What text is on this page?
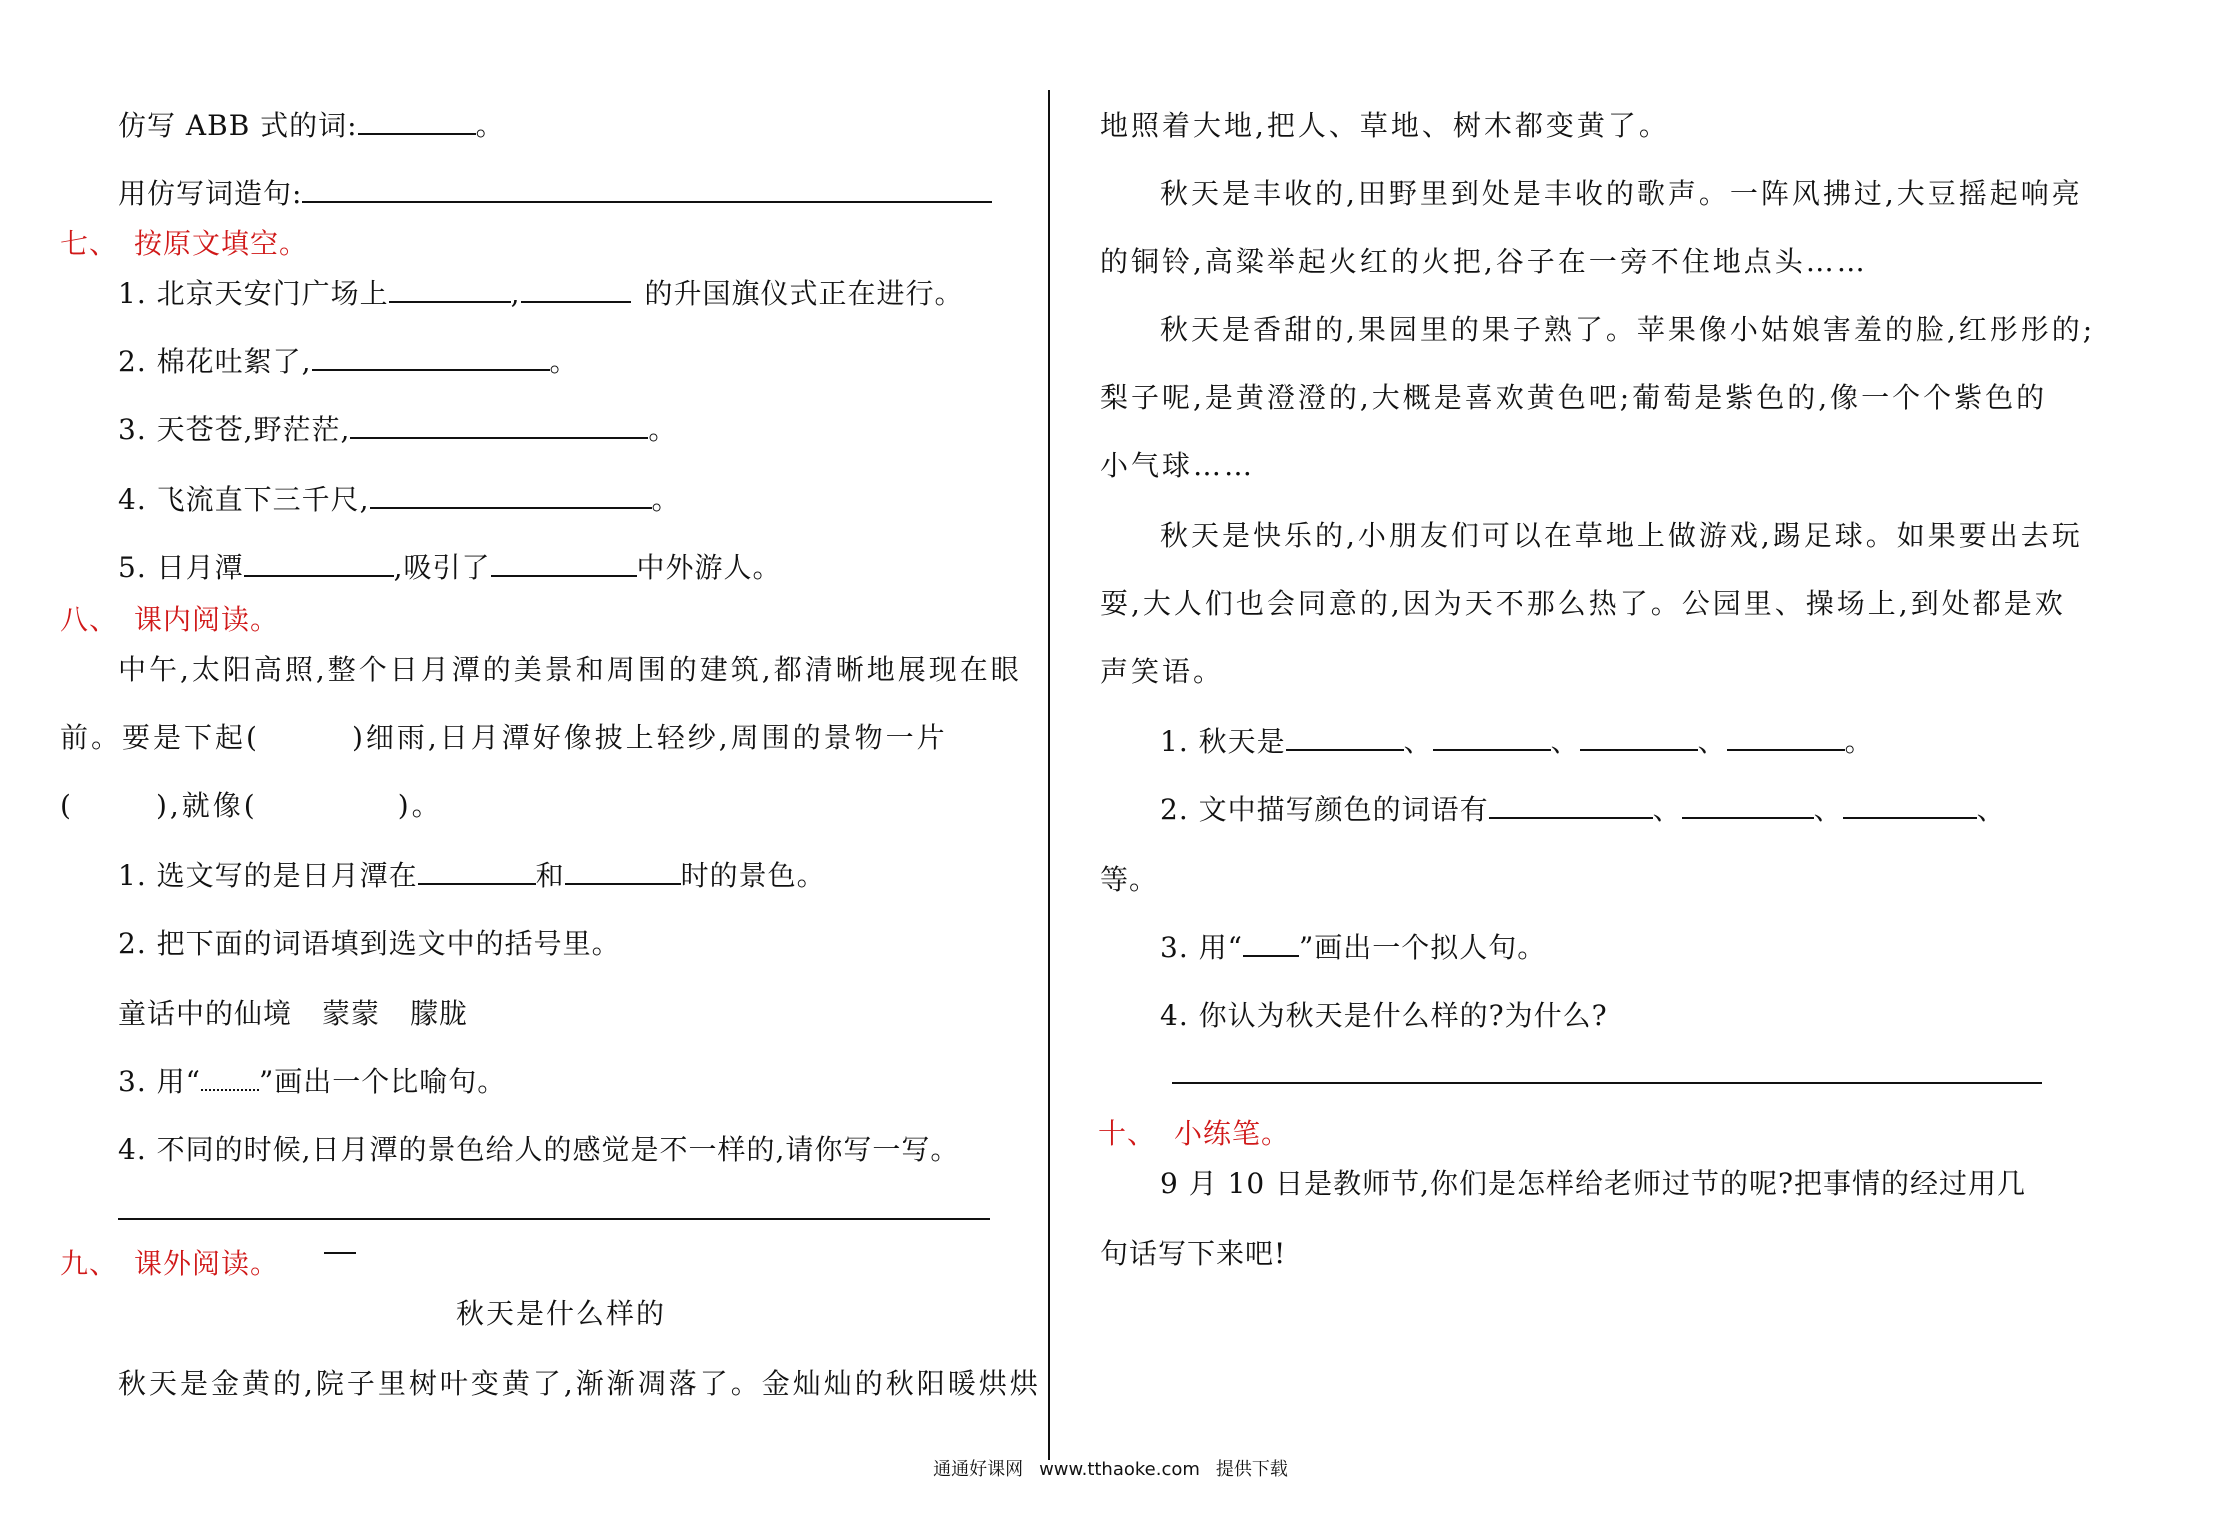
仿写 ABB 式的词:	。
用仿写词造句:
七、 按原文填空。
1. 北京天安门广场上	,	的升国旗仪式正在进行。
2. 棉花吐絮了,	。
3. 天苍苍,野茫茫,	。
4. 飞流直下三千尺,	。
5. 日月潭	,吸引了	中外游人。
八、 课内阅读。
中午,太阳高照,整个日月潭的美景和周围的建筑,都清晰地展现在眼
前。要是下起(	)细雨,日月潭好像披上轻纱,周围的景物一片
(	),就像(	)。
1. 选文写的是日月潭在	和	时的景色。
2. 把下面的词语填到选文中的括号里。
童话中的仙境 蒙蒙 朦胧
3. 用“ ”画出一个比喻句。
4. 不同的时候,日月潭的景色给人的感觉是不一样的,请你写一写。
九、 课外阅读。
秋天是什么样的
秋天是金黄的,院子里树叶变黄了,渐渐凋落了。金灿灿的秋阳暖烘烘
地照着大地,把人、草地、树木都变黄了。
秋天是丰收的,田野里到处是丰收的歌声。一阵风拂过,大豆摇起响亮
的铜铃,高粱举起火红的火把,谷子在一旁不住地点头……
秋天是香甜的,果园里的果子熟了。苹果像小姑娘害羞的脸,红彤彤的;
梨子呢,是黄澄澄的,大概是喜欢黄色吧;葡萄是紫色的,像一个个紫色的
小气球……
秋天是快乐的,小朋友们可以在草地上做游戏,踢足球。如果要出去玩
耍,大人们也会同意的,因为天不那么热了。公园里、操场上,到处都是欢
声笑语。
1. 秋天是	、	、	、	。
2. 文中描写颜色的词语有	、	、	、
等。
3. 用“ ”画出一个拟人句。
4. 你认为秋天是什么样的?为什么?
十、 小练笔。
9 月 10 日是教师节,你们是怎样给老师过节的呢?把事情的经过用几
句话写下来吧!
通通好课网 www.tthaoke.com 提供下载
